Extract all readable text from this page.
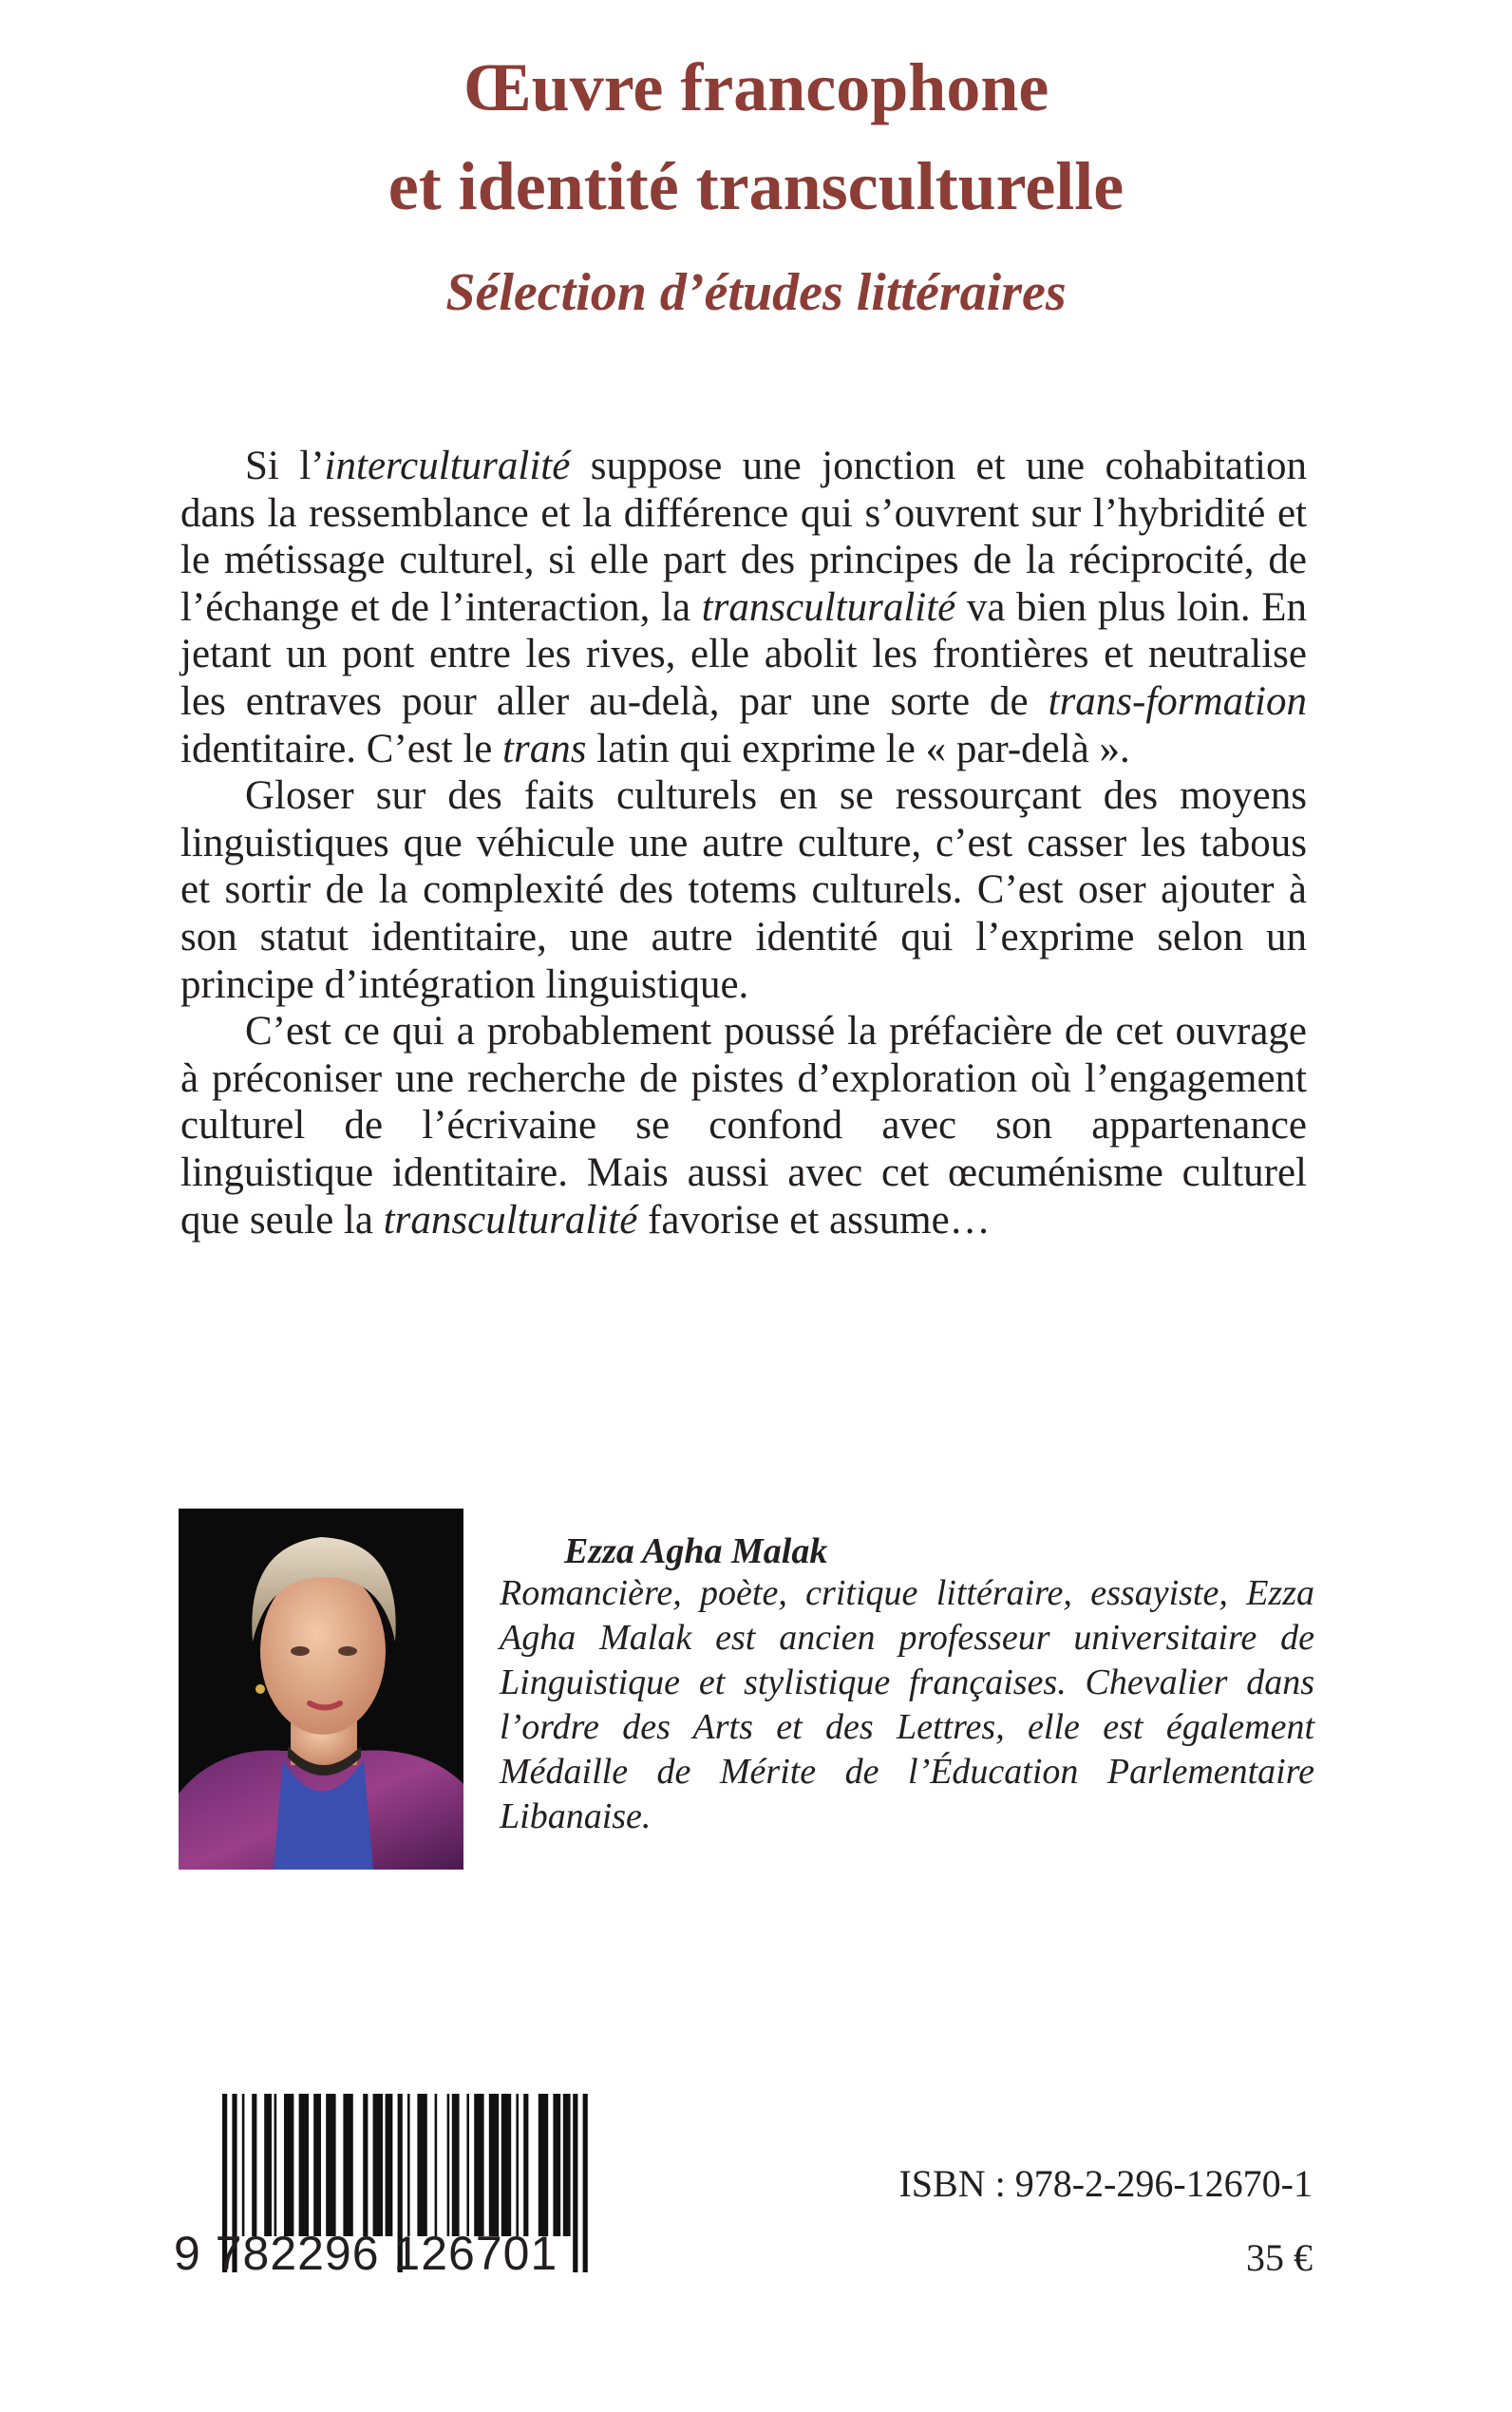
Œuvre francophone
et identité transculturelle
Sélection d’études littéraires

Si l’interculturalité suppose une jonction et une cohabitation dans la ressemblance et la différence qui s’ouvrent sur l’hybridité et le métissage culturel, si elle part des principes de la réciprocité, de l’échange et de l’interaction, la transculturalité va bien plus loin. En jetant un pont entre les rives, elle abolit les frontières et neutralise les entraves pour aller au-delà, par une sorte de trans-formation identitaire. C’est le trans latin qui exprime le « par-delà ».

Gloser sur des faits culturels en se ressourçant des moyens linguistiques que véhicule une autre culture, c’est casser les tabous et sortir de la complexité des totems culturels. C’est oser ajouter à son statut identitaire, une autre identité qui l’exprime selon un principe d’intégration linguistique.

C’est ce qui a probablement poussé la préfacière de cet ouvrage à préconiser une recherche de pistes d’exploration où l’engagement culturel de l’écrivaine se confond avec son appartenance linguistique identitaire. Mais aussi avec cet œcuménisme culturel que seule la transculturalité favorise et assume…

Ezza Agha Malak

Romancière, poète, critique littéraire, essayiste, Ezza Agha Malak est ancien professeur universitaire de Linguistique et stylistique françaises. Chevalier dans l’ordre des Arts et des Lettres, elle est également Médaille de Mérite de l’Éducation Parlementaire Libanaise.

9 782296 126701

ISBN : 978-2-296-12670-1

35 €
